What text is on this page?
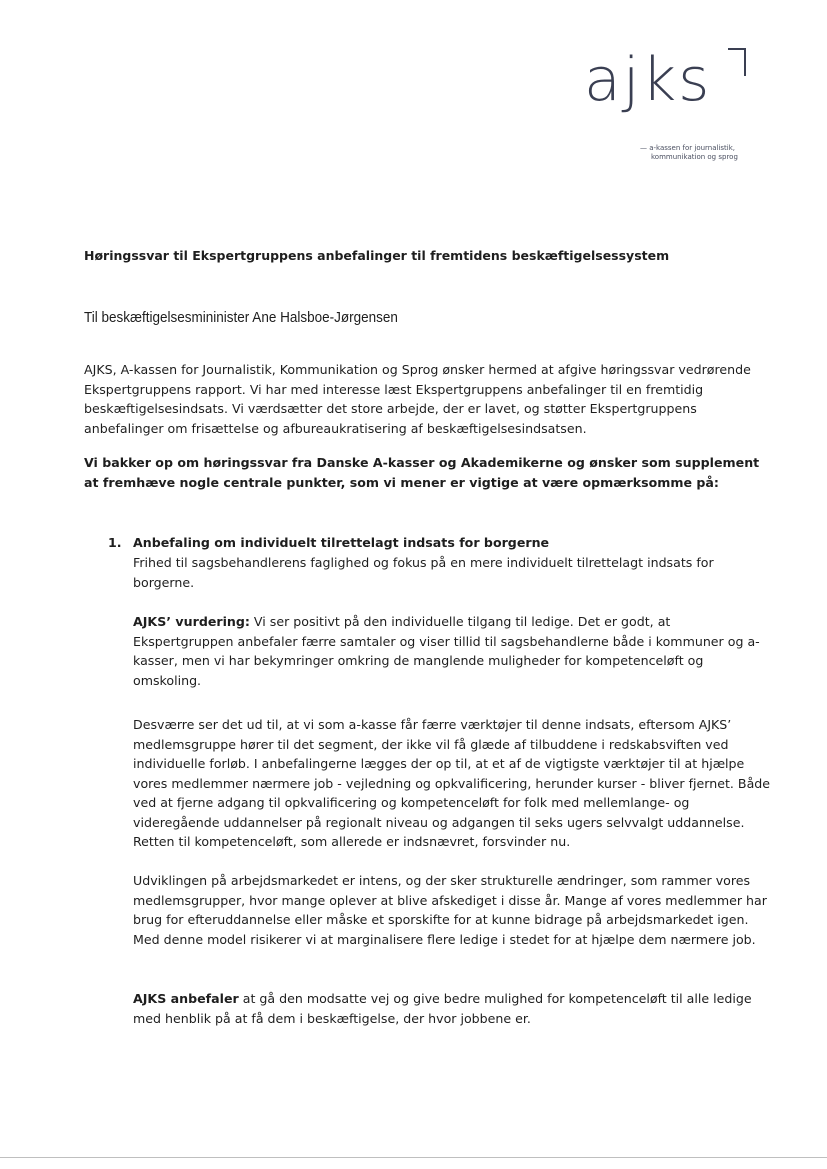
ajks
— a-kassen for journalistik,
kommunikation og sprog
Høringssvar til Ekspertgruppens anbefalinger til fremtidens beskæftigelsessystem
Til beskæftigelsesmininister Ane Halsboe-Jørgensen
AJKS, A-kassen for Journalistik, Kommunikation og Sprog ønsker hermed at afgive høringssvar vedrørende Ekspertgruppens rapport. Vi har med interesse læst Ekspertgruppens anbefalinger til en fremtidig beskæftigelsesindsats. Vi værdsætter det store arbejde, der er lavet, og støtter Ekspertgruppens anbefalinger om frisættelse og afbureaukratisering af beskæftigelsesindsatsen.
Vi bakker op om høringssvar fra Danske A-kasser og Akademikerne og ønsker som supplement at fremhæve nogle centrale punkter, som vi mener er vigtige at være opmærksomme på:
1. Anbefaling om individuelt tilrettelagt indsats for borgerne
Frihed til sagsbehandlerens faglighed og fokus på en mere individuelt tilrettelagt indsats for borgerne.
AJKS’ vurdering: Vi ser positivt på den individuelle tilgang til ledige. Det er godt, at Ekspertgruppen anbefaler færre samtaler og viser tillid til sagsbehandlerne både i kommuner og a-kasser, men vi har bekymringer omkring de manglende muligheder for kompetenceløft og omskoling.
Desværre ser det ud til, at vi som a-kasse får færre værktøjer til denne indsats, eftersom AJKS’ medlemsgruppe hører til det segment, der ikke vil få glæde af tilbuddene i redskabsviften ved individuelle forløb. I anbefalingerne lægges der op til, at et af de vigtigste værktøjer til at hjælpe vores medlemmer nærmere job - vejledning og opkvalificering, herunder kurser - bliver fjernet. Både ved at fjerne adgang til opkvalificering og kompetenceløft for folk med mellemlange- og videregående uddannelser på regionalt niveau og adgangen til seks ugers selvvalgt uddannelse. Retten til kompetenceløft, som allerede er indsnævret, forsvinder nu.
Udviklingen på arbejdsmarkedet er intens, og der sker strukturelle ændringer, som rammer vores medlemsgrupper, hvor mange oplever at blive afskediget i disse år. Mange af vores medlemmer har brug for efteruddannelse eller måske et sporskifte for at kunne bidrage på arbejdsmarkedet igen. Med denne model risikerer vi at marginalisere flere ledige i stedet for at hjælpe dem nærmere job.
AJKS anbefaler at gå den modsatte vej og give bedre mulighed for kompetenceløft til alle ledige med henblik på at få dem i beskæftigelse, der hvor jobbene er.
